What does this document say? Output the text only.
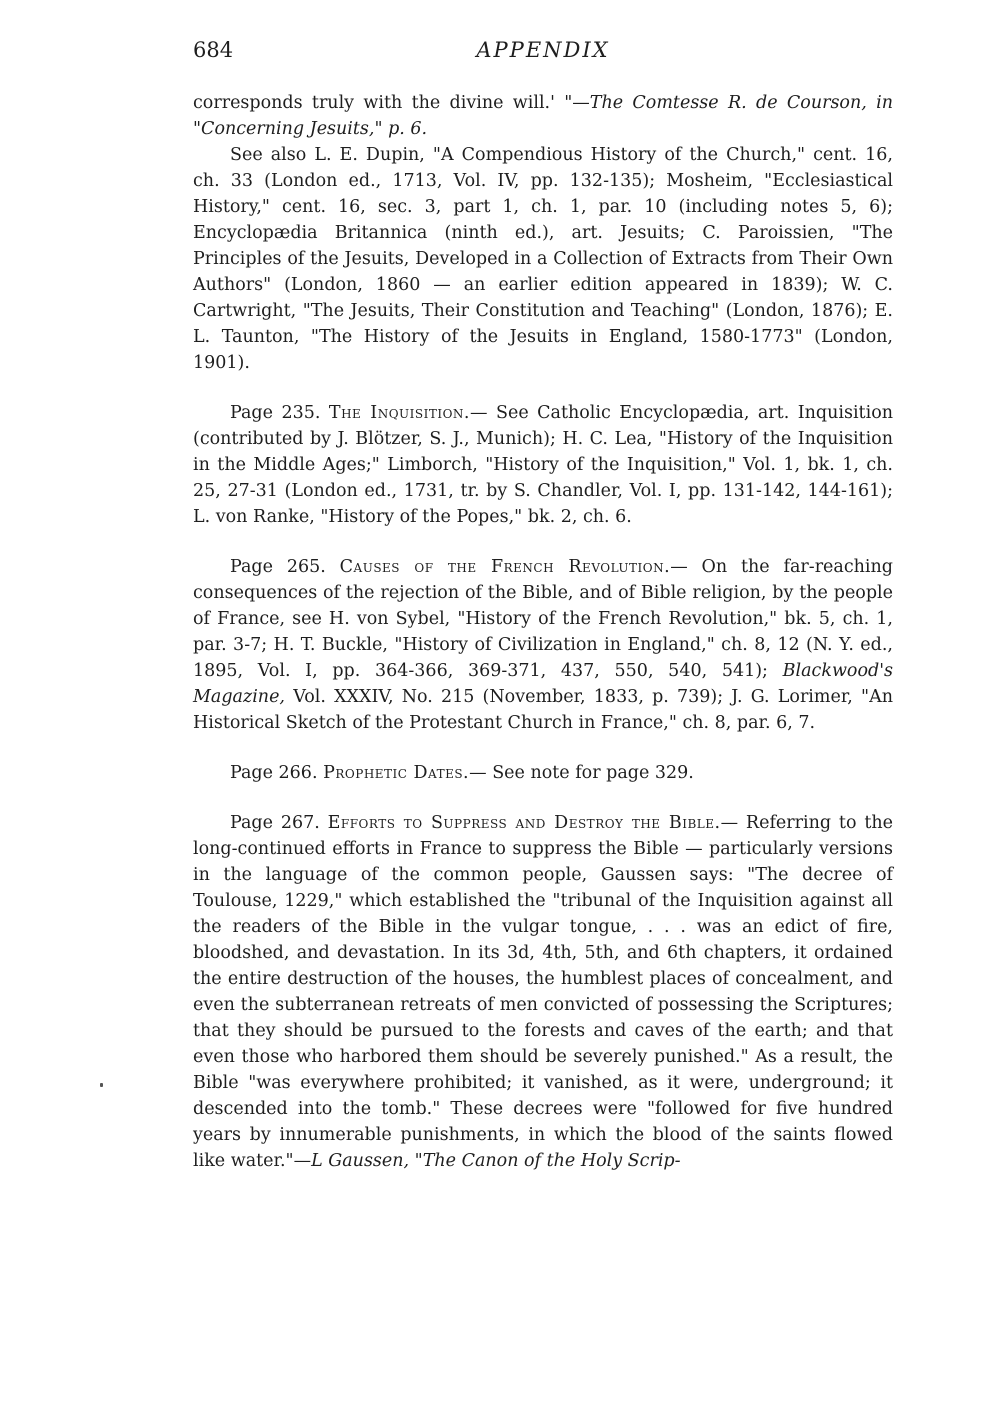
684	APPENDIX

corresponds truly with the divine will.' "—The Comtesse R. de Courson, in "Concerning Jesuits," p. 6.

See also L. E. Dupin, "A Compendious History of the Church," cent. 16, ch. 33 (London ed., 1713, Vol. IV, pp. 132-135); Mosheim, "Ecclesiastical History," cent. 16, sec. 3, part 1, ch. 1, par. 10 (including notes 5, 6); Encyclopædia Britannica (ninth ed.), art. Jesuits; C. Paroissien, "The Principles of the Jesuits, Developed in a Collection of Extracts from Their Own Authors" (London, 1860 — an earlier edition appeared in 1839); W. C. Cartwright, "The Jesuits, Their Constitution and Teaching" (London, 1876); E. L. Taunton, "The History of the Jesuits in England, 1580-1773" (London, 1901).

Page 235. The Inquisition.— See Catholic Encyclopædia, art. Inquisition (contributed by J. Blötzer, S. J., Munich); H. C. Lea, "History of the Inquisition in the Middle Ages;" Limborch, "History of the Inquisition," Vol. 1, bk. 1, ch. 25, 27-31 (London ed., 1731, tr. by S. Chandler, Vol. I, pp. 131-142, 144-161); L. von Ranke, "History of the Popes," bk. 2, ch. 6.

Page 265. Causes of the French Revolution.— On the far-reaching consequences of the rejection of the Bible, and of Bible religion, by the people of France, see H. von Sybel, "History of the French Revolution," bk. 5, ch. 1, par. 3-7; H. T. Buckle, "History of Civilization in England," ch. 8, 12 (N. Y. ed., 1895, Vol. I, pp. 364-366, 369-371, 437, 550, 540, 541); Blackwood's Magazine, Vol. XXXIV, No. 215 (November, 1833, p. 739); J. G. Lorimer, "An Historical Sketch of the Protestant Church in France," ch. 8, par. 6, 7.

Page 266. Prophetic Dates.— See note for page 329.

Page 267. Efforts to Suppress and Destroy the Bible.— Referring to the long-continued efforts in France to suppress the Bible — particularly versions in the language of the common people, Gaussen says: "The decree of Toulouse, 1229," which established the "tribunal of the Inquisition against all the readers of the Bible in the vulgar tongue, . . . was an edict of fire, bloodshed, and devastation. In its 3d, 4th, 5th, and 6th chapters, it ordained the entire destruction of the houses, the humblest places of concealment, and even the subterranean retreats of men convicted of possessing the Scriptures; that they should be pursued to the forests and caves of the earth; and that even those who harbored them should be severely punished." As a result, the Bible "was everywhere prohibited; it vanished, as it were, underground; it descended into the tomb." These decrees were "followed for five hundred years by innumerable punishments, in which the blood of the saints flowed like water."—L Gaussen, "The Canon of the Holy Scrip-
